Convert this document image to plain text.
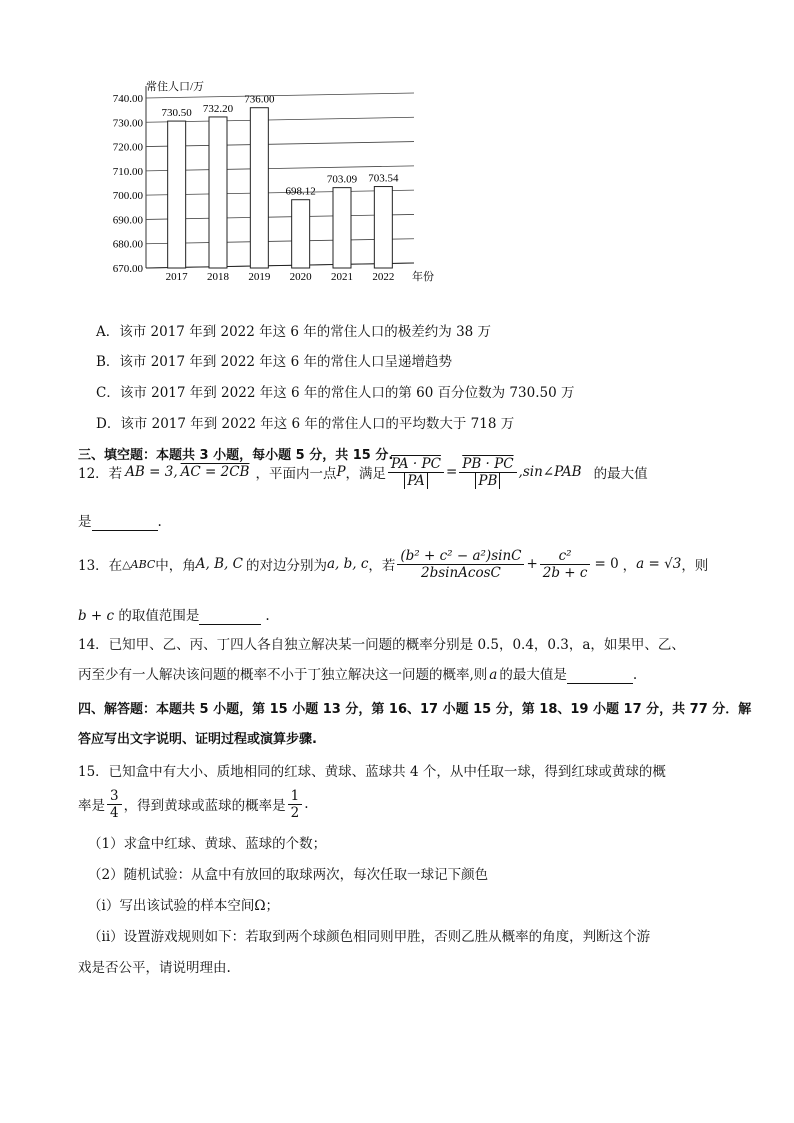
670.00
680.00
690.00
700.00
710.00
720.00
730.00
740.00
2017 2018 2019 2020 2021 2022
730.50 732.20
736.00
698.12
703.09 703.54
常住人口/万
年份
A．该市 2017 年到 2022 年这 6 年的常住人口的极差约为 38 万
B．该市 2017 年到 2022 年这 6 年的常住人口呈递增趋势
C．该市 2017 年到 2022 年这 6 年的常住人口的第 60 百分位数为 730.50 万
D．该市 2017 年到 2022 年这 6 年的常住人口的平均数大于 718 万
三、填空题：本题共 3 小题，每小题 5 分，共 15 分.
12．若 AB = 3, AC = 2CB ，平面内一点 P ，满足 $\frac{PA \cdot PC}{PA} = \frac{PB \cdot PC}{PB}$ ,sin∠PAB 的最大值
是	.
13．在 △ABC 中，角 A, B, C 的对边分别为 a, b, c ，若 $\frac{\text{(b² + c² − a²)sinC}}{\text{2bsinAcosC}} + \frac{\text{c²}}{2b + c} = 0$ ， a = √3 ，则
b + c 的取值范围是	.
14．已知甲、乙、丙、丁四人各自独立解决某一问题的概率分别是 0.5，0.4，0.3，a，如果甲、乙、
丙至少有一人解决该问题的概率不小于丁独立解决这一问题的概率,则 a 的最大值是	.
四、解答题：本题共 5 小题，第 15 小题 13 分，第 16、17 小题 15 分，第 18、19 小题 17 分，共 77 分．解
答应写出文字说明、证明过程或演算步骤.
15．已知盒中有大小、质地相同的红球、黄球、蓝球共 4 个，从中任取一球，得到红球或黄球的概
率是 $\frac{3}{4}$ ，得到黄球或蓝球的概率是 $\frac{1}{2}$ .
（1）求盒中红球、黄球、蓝球的个数；
（2）随机试验：从盒中有放回的取球两次，每次任取一球记下颜色
（i）写出该试验的样本空间Ω；
（ii）设置游戏规则如下：若取到两个球颜色相同则甲胜，否则乙胜从概率的角度，判断这个游
戏是否公平，请说明理由.
